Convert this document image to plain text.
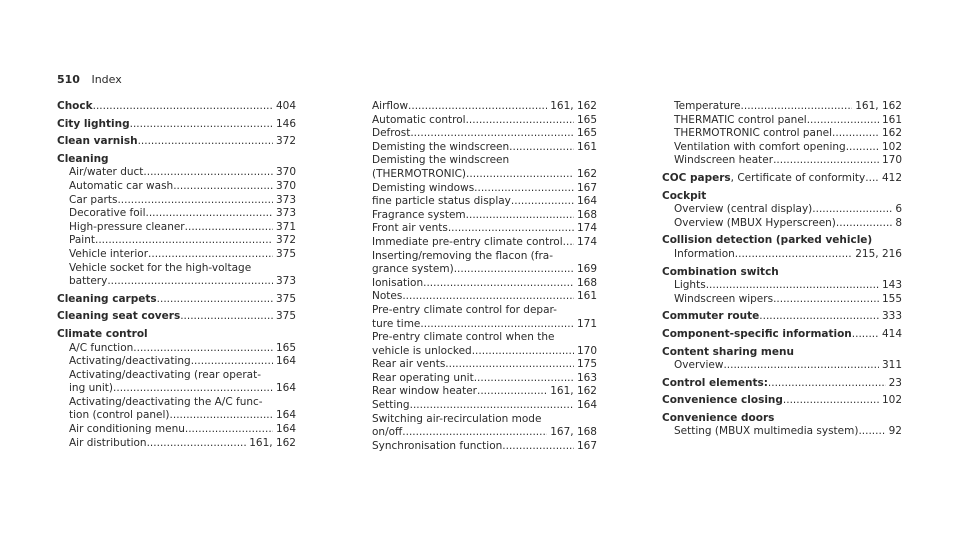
510 Index
Chock .....	404
City lighting .....	146
Clean varnish .....	372
Cleaning
Air/water duct .....	370
Automatic car wash .....	370
Car parts .....	373
Decorative foil .....	373
High-pressure cleaner .....	371
Paint .....	372
Vehicle interior .....	375
Vehicle socket for the high-voltage
battery .....	373
Cleaning carpets .....	375
Cleaning seat covers .....	375
Climate control
A/C function .....	165
Activating/deactivating .....	164
Activating/deactivating (rear operat-
ing unit) .....	164
Activating/deactivating the A/C func-
tion (control panel) .....	164
Air conditioning menu .....	164
Air distribution .....	161, 162
Airflow .....	161, 162
Automatic control .....	165
Defrost .....	165
Demisting the windscreen .....	161
Demisting the windscreen
(THERMOTRONIC) .....	162
Demisting windows .....	167
fine particle status display .....	164
Fragrance system .....	168
Front air vents .....	174
Immediate pre-entry climate control ..... 174
Inserting/removing the flacon (fra-
grance system) .....	169
Ionisation .....	168
Notes .....	161
Pre-entry climate control for depar-
ture time .....	171
Pre-entry climate control when the
vehicle is unlocked .....	170
Rear air vents .....	175
Rear operating unit .....	163
Rear window heater .....	161, 162
Setting .....	164
Switching air-recirculation mode
on/off .....	167, 168
Synchronisation function .....	167
Temperature .....	161, 162
THERMATIC control panel .....	161
THERMOTRONIC control panel .....	162
Ventilation with comfort opening .....	102
Windscreen heater .....	170
COC papers , Certificate of conformity ..... 412
Cockpit
Overview (central display) .....	6
Overview (MBUX Hyperscreen) .....	8
Collision detection (parked vehicle)
Information .....	215, 216
Combination switch
Lights .....	143
Windscreen wipers .....	155
Commuter route .....	333
Component-specific information .....	414
Content sharing menu
Overview .....	311
Control elements: .....	23
Convenience closing .....	102
Convenience doors
Setting (MBUX multimedia system) .....	92
